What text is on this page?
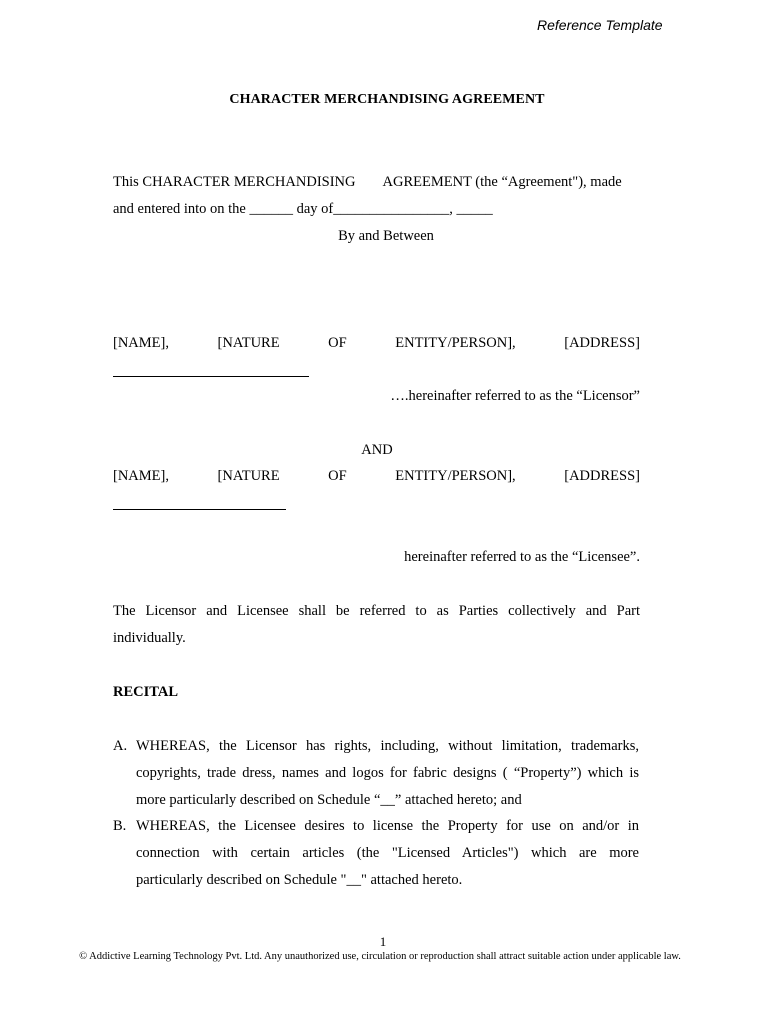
Reference Template
CHARACTER MERCHANDISING AGREEMENT
This CHARACTER MERCHANDISING AGREEMENT (the “Agreement"), made
and entered into on the ______ day of________________, _____
By and Between
[NAME],	[NATURE	OF	ENTITY/PERSON],	[ADDRESS]
….hereinafter referred to as the “Licensor”
AND
[NAME],	[NATURE	OF	ENTITY/PERSON],	[ADDRESS]
hereinafter referred to as the “Licensee”.
The Licensor and Licensee shall be referred to as Parties collectively and Part
individually.
RECITAL
A. WHEREAS, the Licensor has rights, including, without limitation, trademarks,
copyrights, trade dress, names and logos for fabric designs ( “Property”) which is
more particularly described on Schedule “__” attached hereto; and
B. WHEREAS, the Licensee desires to license the Property for use on and/or in
connection with certain articles (the "Licensed Articles") which are more
particularly described on Schedule "__" attached hereto.
1
© Addictive Learning Technology Pvt. Ltd. Any unauthorized use, circulation or reproduction shall attract suitable action under applicable law.
